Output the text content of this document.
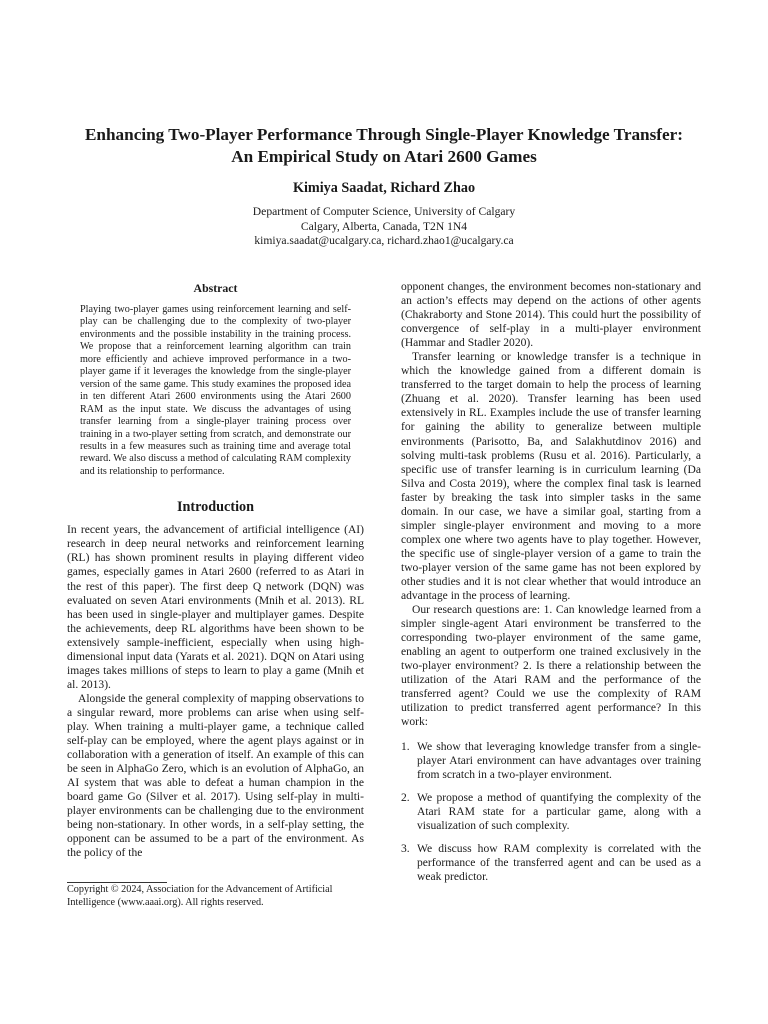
Enhancing Two-Player Performance Through Single-Player Knowledge Transfer:
An Empirical Study on Atari 2600 Games
Kimiya Saadat, Richard Zhao
Department of Computer Science, University of Calgary
Calgary, Alberta, Canada, T2N 1N4
kimiya.saadat@ucalgary.ca, richard.zhao1@ucalgary.ca
Abstract

Playing two-player games using reinforcement learning and self-play can be challenging due to the complexity of two-player environments and the possible instability in the training process. We propose that a reinforcement learning algorithm can train more efficiently and achieve improved performance in a two-player game if it leverages the knowledge from the single-player version of the same game. This study examines the proposed idea in ten different Atari 2600 environments using the Atari 2600 RAM as the input state. We discuss the advantages of using transfer learning from a single-player training process over training in a two-player setting from scratch, and demonstrate our results in a few measures such as training time and average total reward. We also discuss a method of calculating RAM complexity and its relationship to performance.

Introduction

In recent years, the advancement of artificial intelligence (AI) research in deep neural networks and reinforcement learning (RL) has shown prominent results in playing different video games, especially games in Atari 2600 (referred to as Atari in the rest of this paper). The first deep Q network (DQN) was evaluated on seven Atari environments (Mnih et al. 2013). RL has been used in single-player and multiplayer games. Despite the achievements, deep RL algorithms have been shown to be extensively sample-inefficient, especially when using high-dimensional input data (Yarats et al. 2021). DQN on Atari using images takes millions of steps to learn to play a game (Mnih et al. 2013).

Alongside the general complexity of mapping observations to a singular reward, more problems can arise when using self-play. When training a multi-player game, a technique called self-play can be employed, where the agent plays against or in collaboration with a generation of itself. An example of this can be seen in AlphaGo Zero, which is an evolution of AlphaGo, an AI system that was able to defeat a human champion in the board game Go (Silver et al. 2017). Using self-play in multi-player environments can be challenging due to the environment being non-stationary. In other words, in a self-play setting, the opponent can be assumed to be a part of the environment. As the policy of the

opponent changes, the environment becomes non-stationary and an action’s effects may depend on the actions of other agents (Chakraborty and Stone 2014). This could hurt the possibility of convergence of self-play in a multi-player environment (Hammar and Stadler 2020).

Transfer learning or knowledge transfer is a technique in which the knowledge gained from a different domain is transferred to the target domain to help the process of learning (Zhuang et al. 2020). Transfer learning has been used extensively in RL. Examples include the use of transfer learning for gaining the ability to generalize between multiple environments (Parisotto, Ba, and Salakhutdinov 2016) and solving multi-task problems (Rusu et al. 2016). Particularly, a specific use of transfer learning is in curriculum learning (Da Silva and Costa 2019), where the complex final task is learned faster by breaking the task into simpler tasks in the same domain. In our case, we have a similar goal, starting from a simpler single-player environment and moving to a more complex one where two agents have to play together. However, the specific use of single-player version of a game to train the two-player version of the same game has not been explored by other studies and it is not clear whether that would introduce an advantage in the process of learning.

Our research questions are: 1. Can knowledge learned from a simpler single-agent Atari environment be transferred to the corresponding two-player environment of the same game, enabling an agent to outperform one trained exclusively in the two-player environment? 2. Is there a relationship between the utilization of the Atari RAM and the performance of the transferred agent? Could we use the complexity of RAM utilization to predict transferred agent performance? In this work:

1. We show that leveraging knowledge transfer from a single-player Atari environment can have advantages over training from scratch in a two-player environment.

2. We propose a method of quantifying the complexity of the Atari RAM state for a particular game, along with a visualization of such complexity.

3. We discuss how RAM complexity is correlated with the performance of the transferred agent and can be used as a weak predictor.

Copyright © 2024, Association for the Advancement of Artificial Intelligence (www.aaai.org). All rights reserved.
